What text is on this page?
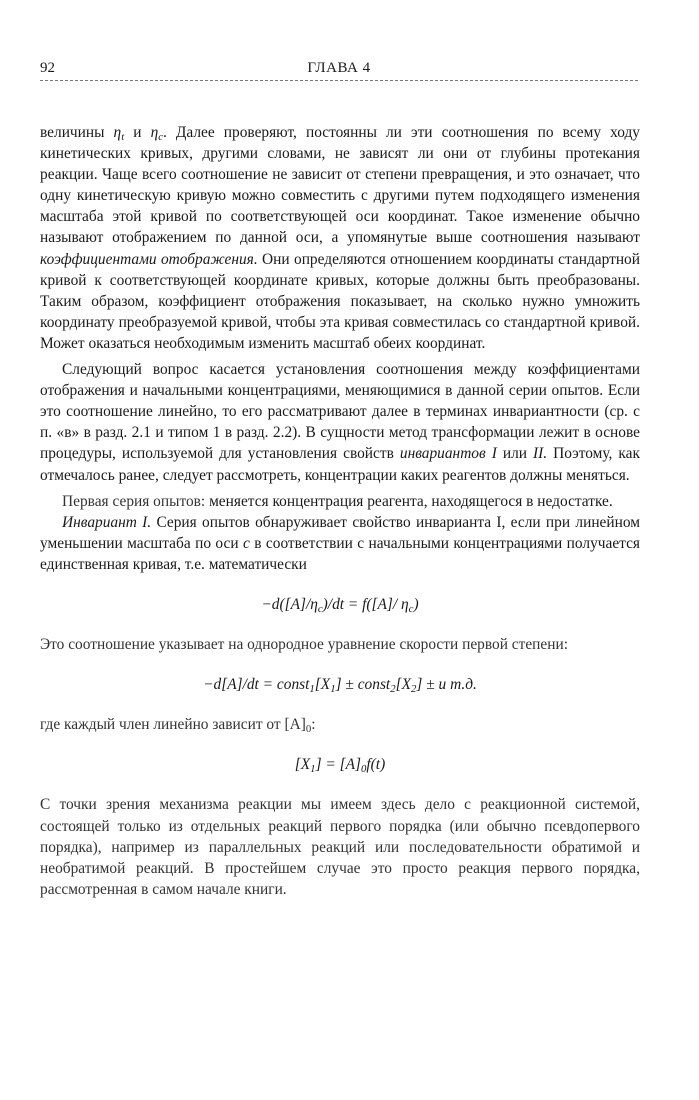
92	ГЛАВА 4

величины $\eta_t$ и $\eta_c$. Далее проверяют, постоянны ли эти соотношения по всему ходу кинетических кривых, другими словами, не зависят ли они от глубины протекания реакции. Чаще всего соотношение не зависит от степени превращения, и это означает, что одну кинетическую кривую можно совместить с другими путем подходящего изменения масштаба этой кривой по соответствующей оси координат. Такое изменение обычно называют отображением по данной оси, а упомянутые выше соотношения называют коэффициентами отображения. Они определяются отношением координаты стандартной кривой к соответствующей координате кривых, которые должны быть преобразованы. Таким образом, коэффициент отображения показывает, на сколько нужно умножить координату преобразуемой кривой, чтобы эта кривая совместилась со стандартной кривой. Может оказаться необходимым изменить масштаб обеих координат.

Следующий вопрос касается установления соотношения между коэффициентами отображения и начальными концентрациями, меняющимися в данной серии опытов. Если это соотношение линейно, то его рассматривают далее в терминах инвариантности (ср. с п. «в» в разд. 2.1 и типом 1 в разд. 2.2). В сущности метод трансформации лежит в основе процедуры, используемой для установления свойств инвариантов I или II. Поэтому, как отмечалось ранее, следует рассмотреть, концентрации каких реагентов должны меняться.

Первая серия опытов: меняется концентрация реагента, находящегося в недостатке.

Инвариант I. Серия опытов обнаруживает свойство инварианта I, если при линейном уменьшении масштаба по оси c в соответствии с начальными концентрациями получается единственная кривая, т.е. математически

$-d([A]/\eta_c)/dt = f([A]/$ $\eta_c$)

Это соотношение указывает на однородное уравнение скорости первой степени:

$-d[A]/dt = const_1[X_1]$ ± $const_2[X_2] \pm и$ т.д.

где каждый член линейно зависит от $[A]_0$:

$[X_1] = [A]_0f(t)$

С точки зрения механизма реакции мы имеем здесь дело с реакционной системой, состоящей только из отдельных реакций первого порядка (или обычно псевдопервого порядка), например из параллельных реакций или последовательности обратимой и необратимой реакций. В простейшем случае это просто реакция первого порядка, рассмотренная в самом начале книги.
